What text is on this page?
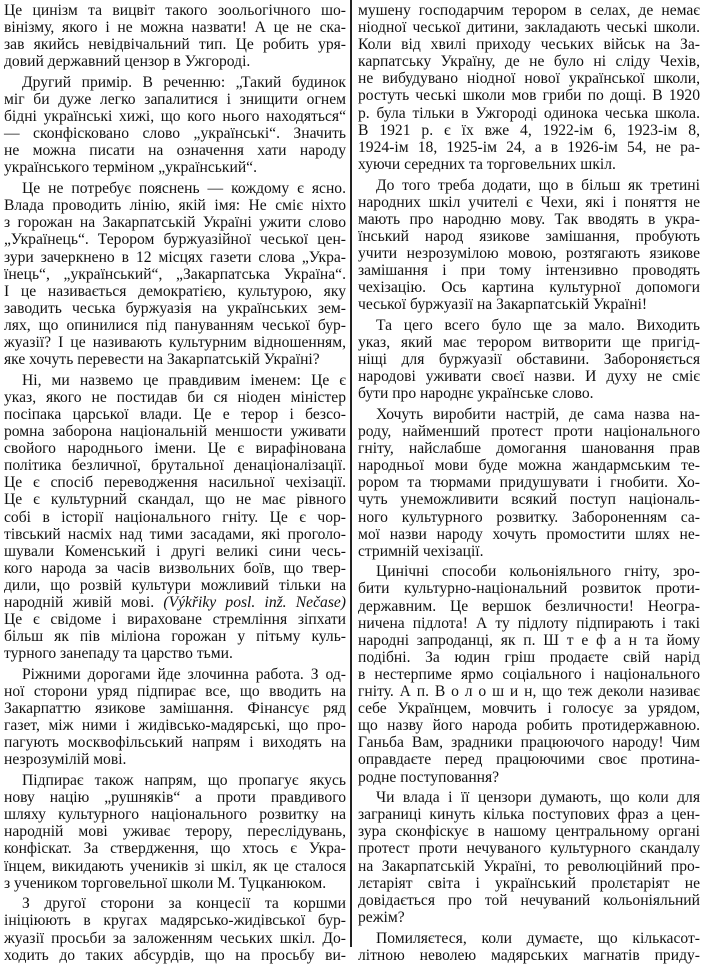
Це цинізм та вицвіт такого зоольогічного шо-
вінізму, якого і не можна назвати! А це не ска-
зав якийсь невідвічальний тип. Це робить уря-
довий державний цензор в Ужгороді.
Другий примір. В реченню: „Такий будинок
міг би дуже легко запалитися і знищити огнем
бідні українські хижі, що кого нього находяться“
— сконфісковано слово „українські“. Значить
не можна писати на означення хати народу
українського терміном „український“.
Це не потребує пояснень — кождому є ясно.
Влада проводить лінію, якій імя: Не сміє ніхто
з горожан на Закарпатській Україні ужити слово
„Українець“. Терором буржуазійної чеської цен-
зури зачеркнено в 12 місцях газети слова „Укра-
їнець“, „український“, „Закарпатська Україна“.
І це називається демократією, культурою, яку
заводить чеська буржуазія на українських зем-
лях, що опинилися під пануванням чеської бур-
жуазії? І це називають культурним відношенням,
яке хочуть перевести на Закарпатській Україні?
Ні, ми назвемо це правдивим іменем: Це є
указ, якого не постидав би ся ніоден міністер
посіпака царської влади. Це е терор і безсо-
ромна заборона національній меншости уживати
свойого народнього імени. Це є вирафінована
політика безличної, брутальної денаціоналізації.
Це є спосіб переводження насильної чехізації.
Це є культурний скандал, що не має рівного
собі в історії національного гніту. Це є чор-
тівський насміх над тими засадами, які проголо-
шували Коменський і другі великі сини чесь-
кого народа за часів визвольних боїв, що твер-
дили, що розвій культури можливий тільки на
народній живій мові. (Výkřiky posl. inž. Nečase)
Це є свідоме і вираховане стремління зіпхати
більш як пів міліона горожан у пітьму куль-
турного занепаду та царство тьми.
Ріжними дорогами йде злочинна работа. З од-
ної сторони уряд підпирає все, що вводить на
Закарпаттю язикове замішання. Фінансує ряд
газет, між ними і жидівсько-мадярські, що про-
пагують москвофільський напрям і виходять на
незрозумілій мові.
Підпирає також напрям, що пропагує якусь
нову націю „рушняків“ а проти правдивого
шляху культурного національного розвитку на
народній мові уживає терору, переслідувань,
конфіскат. За ствердження, що хтось є Укра-
їнцем, викидають учеників зі шкіл, як це сталося
з учеником торговельної школи М. Туцканюком.
З другої сторони за концесії та коршми
ініціюють в кругах мадярсько-жидівської бур-
жуазії просьби за заложенням чеських шкіл. До-
ходить до таких абсурдів, що на просьбу ви-
мушену господарчим терором в селах, де немає
ніодної чеської дитини, закладають чеські школи.
Коли від хвилі приходу чеських військ на За-
карпатську Україну, де не було ні сліду Чехів,
не вибудувано ніодної нової української школи,
ростуть чеські школи мов гриби по дощі. В 1920
р. була тільки в Ужгороді одинока чеська школа.
В 1921 р. є їх вже 4, 1922-ім 6, 1923-ім 8,
1924-ім 18, 1925-ім 24, а в 1926-ім 54, не ра-
хуючи середних та торговельних шкіл.
До того треба додати, що в більш як третині
народних шкіл учителі є Чехи, які і поняття не
мають про народню мову. Так вводять в укра-
їнський народ язикове замішання, пробують
учити незрозумілою мовою, розтягають язикове
замішання і при тому інтензивно проводять
чехізацію. Ось картина культурної допомоги
чеської буржуазії на Закарпатській Україні!
Та цего всего було ще за мало. Виходить
указ, який має терором витворити ще пригід-
ніщі для буржуазії обставини. Забороняється
народові уживати своєї назви. И духу не сміє
бути про народнє українське слово.
Хочуть виробити настрій, де сама назва на-
роду, найменший протест проти національного
гніту, найслабше домогання шановання прав
народньої мови буде можна жандармським те-
рором та тюрмами придушувати і гнобити. Хо-
чуть унеможливити всякий поступ національ-
ного культурного розвитку. Забороненням са-
мої назви народу хочуть промостити шлях не-
стримній чехізації.
Цинічні способи кольоніяльного гніту, зро-
бити культурно-національний розвиток проти-
державним. Це вершок безличности! Неогра-
ничена підлота! А ту підлоту підпирають і такі
народні запроданці, як п. Ш т е ф а н та йому
подібні. За юдин гріш продаєте свій нарід
в нестерпиме ярмо соціального і національного
гніту. А п. В о л о ш и н, що теж деколи називає
себе Українцем, мовчить і голосує за урядом,
що назву його народа робить протидержавною.
Ганьба Вам, зрадники працюючого народу! Чим
оправдаєте перед працюючими своє протина-
родне поступовання?
Чи влада і її цензори думають, що коли для
заграниці кинуть кілька поступових фраз а цен-
зура сконфіскує в нашому центральному органі
протест проти нечуваного культурного скандалу
на Закарпатській Україні, то революційний про-
лєтаріят світа і український пролєтаріят не
довідається про той нечуваний кольоніяльний
режім?
Помиляєтеся, коли думаєте, що кількасот-
літною неволею мадярських магнатів приду-
